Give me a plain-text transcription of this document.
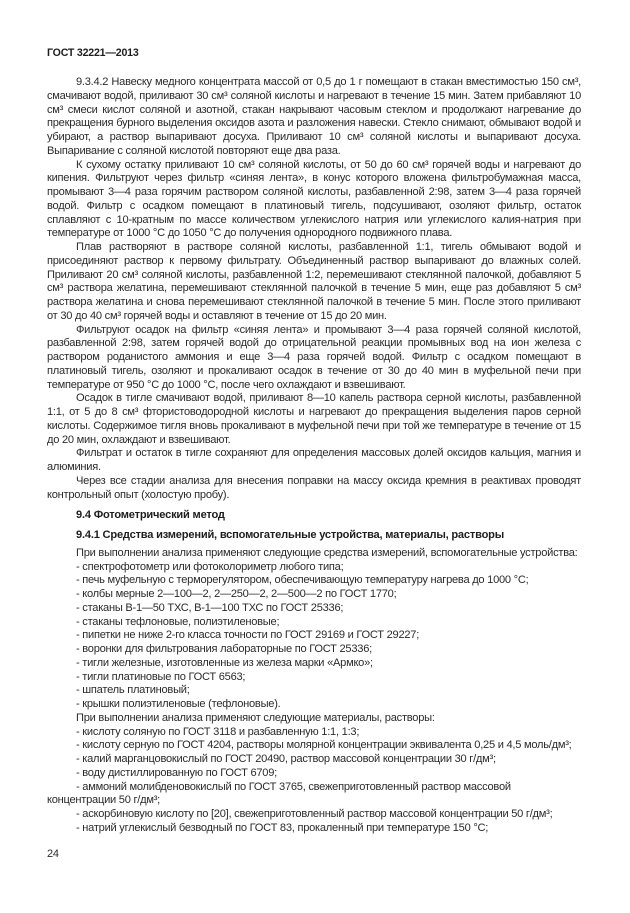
ГОСТ 32221—2013

9.3.4.2 Навеску медного концентрата массой от 0,5 до 1 г помещают в стакан вместимостью 150 см³, смачивают водой, приливают 30 см³ соляной кислоты и нагревают в течение 15 мин. Затем прибавляют 10 см³ смеси кислот соляной и азотной, стакан накрывают часовым стеклом и продолжают нагревание до прекращения бурного выделения оксидов азота и разложения навески. Стекло снимают, обмывают водой и убирают, а раствор выпаривают досуха. Приливают 10 см³ соляной кислоты и выпаривают досуха. Выпаривание с соляной кислотой повторяют еще два раза.

К сухому остатку приливают 10 см³ соляной кислоты, от 50 до 60 см³ горячей воды и нагревают до кипения. Фильтруют через фильтр «синяя лента», в конус которого вложена фильтробумажная масса, промывают 3—4 раза горячим раствором соляной кислоты, разбавленной 2:98, затем 3—4 раза горячей водой. Фильтр с осадком помещают в платиновый тигель, подсушивают, озоляют фильтр, остаток сплавляют с 10-кратным по массе количеством углекислого натрия или углекислого калия-натрия при температуре от 1000 °С до 1050 °С до получения однородного подвижного плава.

Плав растворяют в растворе соляной кислоты, разбавленной 1:1, тигель обмывают водой и присоединяют раствор к первому фильтрату. Объединенный раствор выпаривают до влажных солей. Приливают 20 см³ соляной кислоты, разбавленной 1:2, перемешивают стеклянной палочкой, добавляют 5 см³ раствора желатина, перемешивают стеклянной палочкой в течение 5 мин, еще раз добавляют 5 см³ раствора желатина и снова перемешивают стеклянной палочкой в течение 5 мин. После этого приливают от 30 до 40 см³ горячей воды и оставляют в течение от 15 до 20 мин.

Фильтруют осадок на фильтр «синяя лента» и промывают 3—4 раза горячей соляной кислотой, разбавленной 2:98, затем горячей водой до отрицательной реакции промывных вод на ион железа с раствором роданистого аммония и еще 3—4 раза горячей водой. Фильтр с осадком помещают в платиновый тигель, озоляют и прокаливают осадок в течение от 30 до 40 мин в муфельной печи при температуре от 950 °С до 1000 °С, после чего охлаждают и взвешивают.

Осадок в тигле смачивают водой, приливают 8—10 капель раствора серной кислоты, разбавленной 1:1, от 5 до 8 см³ фтористоводородной кислоты и нагревают до прекращения выделения паров серной кислоты. Содержимое тигля вновь прокаливают в муфельной печи при той же температуре в течение от 15 до 20 мин, охлаждают и взвешивают.

Фильтрат и остаток в тигле сохраняют для определения массовых долей оксидов кальция, магния и алюминия.

Через все стадии анализа для внесения поправки на массу оксида кремния в реактивах проводят контрольный опыт (холостую пробу).

9.4 Фотометрический метод
9.4.1 Средства измерений, вспомогательные устройства, материалы, растворы

При выполнении анализа применяют следующие средства измерений, вспомогательные устройства:

- спектрофотометр или фотоколориметр любого типа;

- печь муфельную с терморегулятором, обеспечивающую температуру нагрева до 1000 °С;

- колбы мерные 2—100—2, 2—250—2, 2—500—2 по ГОСТ 1770;

- стаканы В-1—50 ТХС, В-1—100 ТХС по ГОСТ 25336;

- стаканы тефлоновые, полиэтиленовые;

- пипетки не ниже 2-го класса точности по ГОСТ 29169 и ГОСТ 29227;

- воронки для фильтрования лабораторные по ГОСТ 25336;

- тигли железные, изготовленные из железа марки «Армко»;

- тигли платиновые по ГОСТ 6563;

- шпатель платиновый;

- крышки полиэтиленовые (тефлоновые).

При выполнении анализа применяют следующие материалы, растворы:

- кислоту соляную по ГОСТ 3118 и разбавленную 1:1, 1:3;

- кислоту серную по ГОСТ 4204, растворы молярной концентрации эквивалента 0,25 и 4,5 моль/дм³;

- калий марганцовокислый по ГОСТ 20490, раствор массовой концентрации 30 г/дм³;

- воду дистиллированную по ГОСТ 6709;

- аммоний молибденовокислый по ГОСТ 3765, свежеприготовленный раствор массовой концентрации 50 г/дм³;

- аскорбиновую кислоту по [20], свежеприготовленный раствор массовой концентрации 50 г/дм³;

- натрий углекислый безводный по ГОСТ 83, прокаленный при температуре 150 °С;

24
